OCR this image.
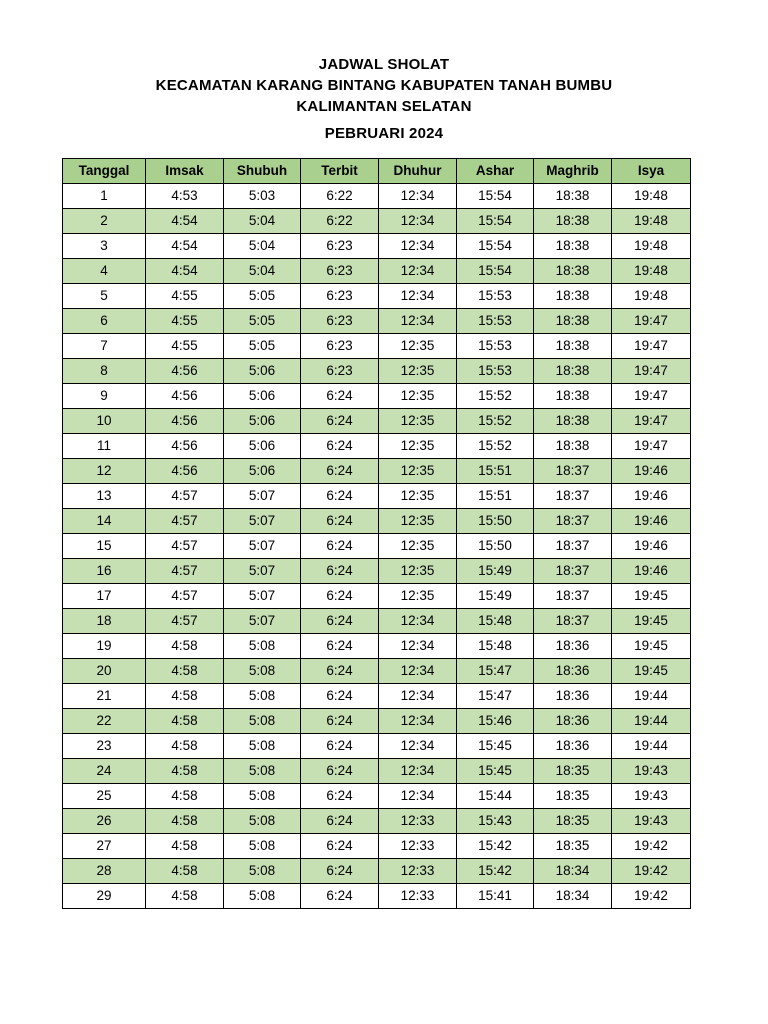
JADWAL SHOLAT
KECAMATAN KARANG BINTANG KABUPATEN TANAH BUMBU
KALIMANTAN SELATAN
PEBRUARI 2024
Tanggal	Imsak	Shubuh	Terbit	Dhuhur	Ashar	Maghrib	Isya
1	4:53	5:03	6:22	12:34	15:54	18:38	19:48
2	4:54	5:04	6:22	12:34	15:54	18:38	19:48
3	4:54	5:04	6:23	12:34	15:54	18:38	19:48
4	4:54	5:04	6:23	12:34	15:54	18:38	19:48
5	4:55	5:05	6:23	12:34	15:53	18:38	19:48
6	4:55	5:05	6:23	12:34	15:53	18:38	19:47
7	4:55	5:05	6:23	12:35	15:53	18:38	19:47
8	4:56	5:06	6:23	12:35	15:53	18:38	19:47
9	4:56	5:06	6:24	12:35	15:52	18:38	19:47
10	4:56	5:06	6:24	12:35	15:52	18:38	19:47
11	4:56	5:06	6:24	12:35	15:52	18:38	19:47
12	4:56	5:06	6:24	12:35	15:51	18:37	19:46
13	4:57	5:07	6:24	12:35	15:51	18:37	19:46
14	4:57	5:07	6:24	12:35	15:50	18:37	19:46
15	4:57	5:07	6:24	12:35	15:50	18:37	19:46
16	4:57	5:07	6:24	12:35	15:49	18:37	19:46
17	4:57	5:07	6:24	12:35	15:49	18:37	19:45
18	4:57	5:07	6:24	12:34	15:48	18:37	19:45
19	4:58	5:08	6:24	12:34	15:48	18:36	19:45
20	4:58	5:08	6:24	12:34	15:47	18:36	19:45
21	4:58	5:08	6:24	12:34	15:47	18:36	19:44
22	4:58	5:08	6:24	12:34	15:46	18:36	19:44
23	4:58	5:08	6:24	12:34	15:45	18:36	19:44
24	4:58	5:08	6:24	12:34	15:45	18:35	19:43
25	4:58	5:08	6:24	12:34	15:44	18:35	19:43
26	4:58	5:08	6:24	12:33	15:43	18:35	19:43
27	4:58	5:08	6:24	12:33	15:42	18:35	19:42
28	4:58	5:08	6:24	12:33	15:42	18:34	19:42
29	4:58	5:08	6:24	12:33	15:41	18:34	19:42
